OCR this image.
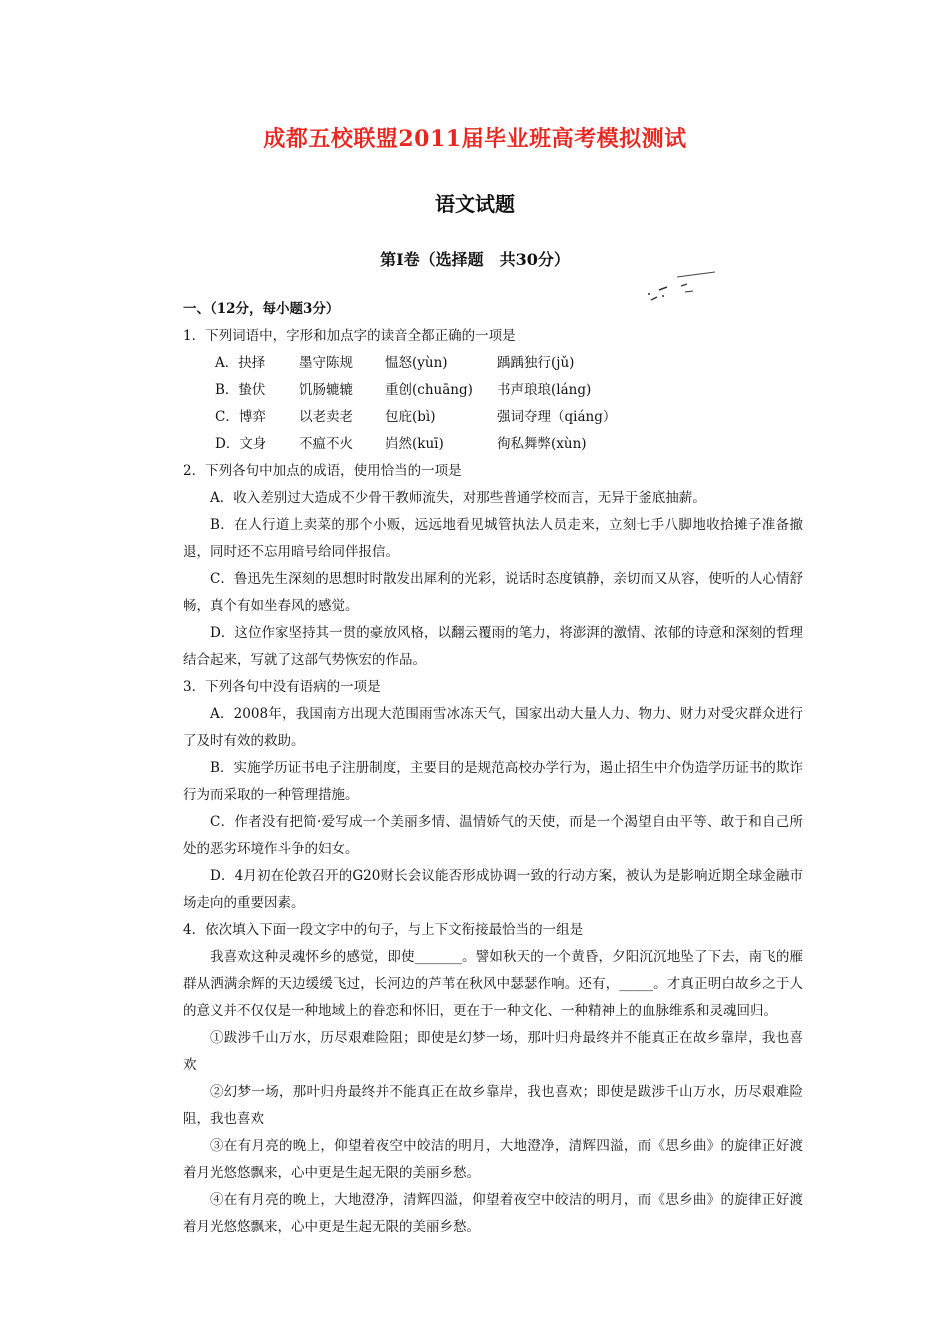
成都五校联盟2011届毕业班高考模拟测试
语文试题
第Ⅰ卷（选择题　共30分）
一、（12分，每小题3分）
1．下列词语中，字形和加点字的读音全都正确的一项是
A．抉择	墨守陈规	愠怒(yùn)	踽踽独行(jǔ)
B．蛰伏	饥肠辘辘	重创(chuāng)	书声琅琅(láng)
C．博弈	以老卖老	包庇(bì)	强词夺理（qiáng）
D．文身	不瘟不火	岿然(kuī)	徇私舞弊(xùn)
2．下列各句中加点的成语，使用恰当的一项是
A．收入差别过大造成不少骨干教师流失，对那些普通学校而言，无异于釜底抽薪。
B．在人行道上卖菜的那个小贩，远远地看见城管执法人员走来，立刻七手八脚地收拾摊子准备撤退，同时还不忘用暗号给同伴报信。
C．鲁迅先生深刻的思想时时散发出犀利的光彩，说话时态度镇静，亲切而又从容，使听的人心情舒畅，真个有如坐春风的感觉。
D．这位作家坚持其一贯的豪放风格，以翻云覆雨的笔力，将澎湃的激情、浓郁的诗意和深刻的哲理结合起来，写就了这部气势恢宏的作品。
3．下列各句中没有语病的一项是
A．2008年，我国南方出现大范围雨雪冰冻天气，国家出动大量人力、物力、财力对受灾群众进行了及时有效的救助。
B．实施学历证书电子注册制度，主要目的是规范高校办学行为，遏止招生中介伪造学历证书的欺诈行为而采取的一种管理措施。
C．作者没有把简·爱写成一个美丽多情、温情娇气的天使，而是一个渴望自由平等、敢于和自己所处的恶劣环境作斗争的妇女。
D．4月初在伦敦召开的G20财长会议能否形成协调一致的行动方案，被认为是影响近期全球金融市场走向的重要因素。
4．依次填入下面一段文字中的句子，与上下文衔接最恰当的一组是
我喜欢这种灵魂怀乡的感觉，即使_______。譬如秋天的一个黄昏，夕阳沉沉地坠了下去，南飞的雁群从洒满余辉的天边缓缓飞过，长河边的芦苇在秋风中瑟瑟作响。还有，_____。才真正明白故乡之于人的意义并不仅仅是一种地域上的眷恋和怀旧，更在于一种文化、一种精神上的血脉维系和灵魂回归。
①跋涉千山万水，历尽艰难险阻；即使是幻梦一场，那叶归舟最终并不能真正在故乡靠岸，我也喜欢
②幻梦一场，那叶归舟最终并不能真正在故乡靠岸，我也喜欢；即使是跋涉千山万水，历尽艰难险阻，我也喜欢
③在有月亮的晚上，仰望着夜空中皎洁的明月，大地澄净，清辉四溢，而《思乡曲》的旋律正好渡着月光悠悠飘来，心中更是生起无限的美丽乡愁。
④在有月亮的晚上，大地澄净，清辉四溢，仰望着夜空中皎洁的明月，而《思乡曲》的旋律正好渡着月光悠悠飘来，心中更是生起无限的美丽乡愁。
